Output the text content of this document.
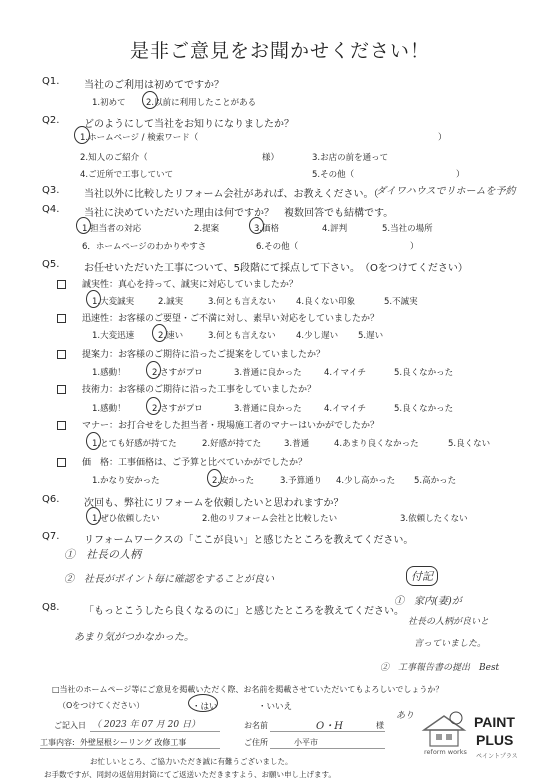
是非ご意見をお聞かせください！
Q1. 当社のご利用は初めてですか？
1.初めて 2.以前に利用したことがある
Q2. どのようにして当社をお知りになりましたか？
1.ホームページ / 検索ワード（	）
2.知人のご紹介（	様）	3.お店の前を通って
4.ご近所で工事していて	5.その他（	）
Q3. 当社以外に比較したリフォーム会社があれば、お教えください。（
ダイワハウスでリホームを予約
Q4. 当社に決めていただいた理由は何ですか？　複数回答でも結構です。
1.担当者の対応	2.提案	3.価格	4.評判	5.当社の場所
6．ホームページのわかりやすさ	6.その他（	）
Q5. お任せいただいた工事について、5段階にて採点して下さい。　（Oをつけてください）
誠実性：真心を持って、誠実に対応していましたか？
1.大変誠実	2.誠実	3.何とも言えない 4.良くない印象	5.不誠実
迅速性：お客様のご要望・ご不満に対し、素早い対応をしていましたか？
1.大変迅速	2.速い	3.何とも言えない 4.少し遅い 5.遅い
提案力：お客様のご期待に沿ったご提案をしていましたか？
1.感動！	2.さすがプロ	3.普通に良かった	4.イマイチ	5.良くなかった
技術力：お客様のご期待に沿った工事をしていましたか？
1.感動！	2.さすがプロ	3.普通に良かった	4.イマイチ	5.良くなかった
マナー：お打合せをした担当者・現場施工者のマナーはいかがでしたか？
1.とても好感が持てた	2.好感が持てた	3.普通	4.あまり良くなかった	5.良くない
価　格：工事価格は、ご予算と比べていかがでしたか？
1.かなり安かった	2.安かった	3.予算通り 4.少し高かった 5.高かった
Q6. 次回も、弊社にリフォームを依頼したいと思われますか？
1.ぜひ依頼したい	2.他のリフォーム会社と比較したい	3.依頼したくない
Q7. リフォームワークスの「ここが良い」と感じたところを教えてください。
①　社長の人柄
②　社長がポイント毎に確認をすることが良い
Q8. 「もっとこうしたら良くなるのに」と感じたところを教えてください。
あまり気がつかなかった。
付記
①　家内(妻)が
社長の人柄が良いと
言っていました。
②　工事報告書の提出　Best
□当社のホームページ等にご意見を掲載いただく際、お名前を掲載させていただいてもよろしいでしょうか？
（Oをつけてください）	・はい	・いいえ
ご記入日 （ 2023 年 07 月 20 日）	お名前	O・H	様
工事内容: 外壁屋根シーリング 改修工事	ご住所	小平市
お忙しいところ、ご協力いただき誠に有難うございました。
お手数ですが、同封の返信用封筒にてご返送いただきますよう、お願い申し上げます。
あり
reform works
PAINT
PLUS
ペイントプラス
